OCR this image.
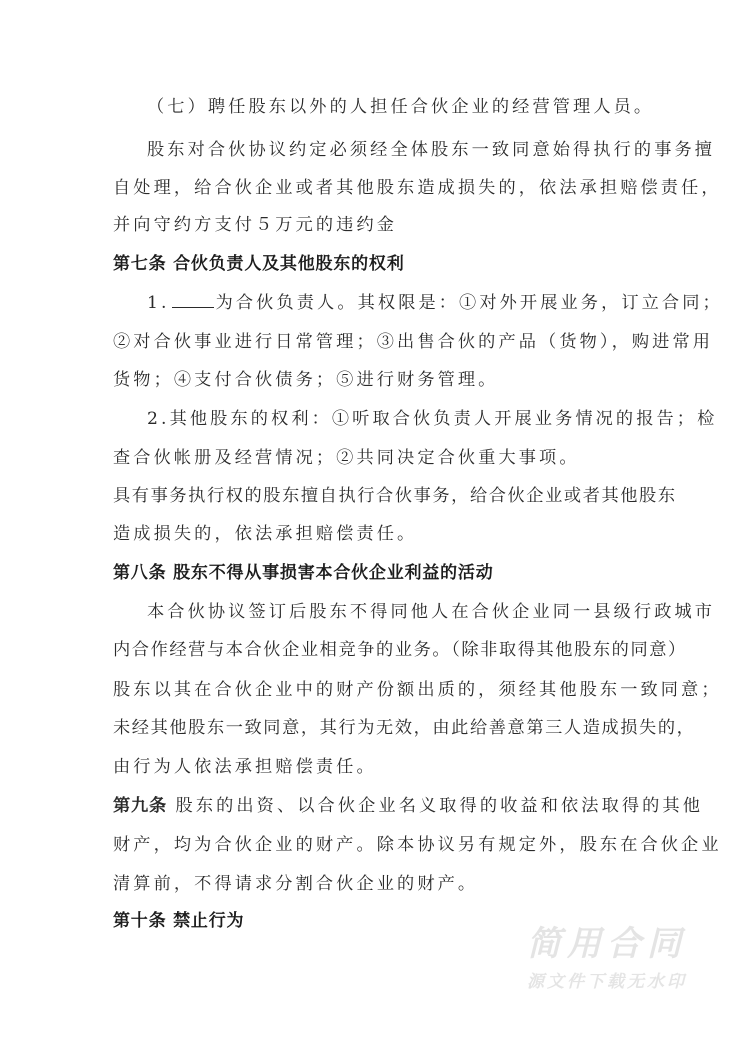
（七）聘任股东以外的人担任合伙企业的经营管理人员。
股东对合伙协议约定必须经全体股东一致同意始得执行的事务擅
自处理，给合伙企业或者其他股东造成损失的，依法承担赔偿责任，
并向守约方支付５万元的违约金
第七条 合伙负责人及其他股东的权利
1.	为合伙负责人。其权限是：①对外开展业务，订立合同；
②对合伙事业进行日常管理；③出售合伙的产品（货物），购进常用
货物；④支付合伙债务；⑤进行财务管理。
2.其他股东的权利：①听取合伙负责人开展业务情况的报告；检
查合伙帐册及经营情况；②共同决定合伙重大事项。
具有事务执行权的股东擅自执行合伙事务，给合伙企业或者其他股东
造成损失的，依法承担赔偿责任。
第八条 股东不得从事损害本合伙企业利益的活动
本合伙协议签订后股东不得同他人在合伙企业同一县级行政城市
内合作经营与本合伙企业相竞争的业务。（除非取得其他股东的同意）
股东以其在合伙企业中的财产份额出质的，须经其他股东一致同意；
未经其他股东一致同意，其行为无效，由此给善意第三人造成损失的，
由行为人依法承担赔偿责任。
第九条 股东的出资、以合伙企业名义取得的收益和依法取得的其他
财产，均为合伙企业的财产。除本协议另有规定外，股东在合伙企业
清算前，不得请求分割合伙企业的财产。
第十条 禁止行为
简用合同
源文件下载无水印
